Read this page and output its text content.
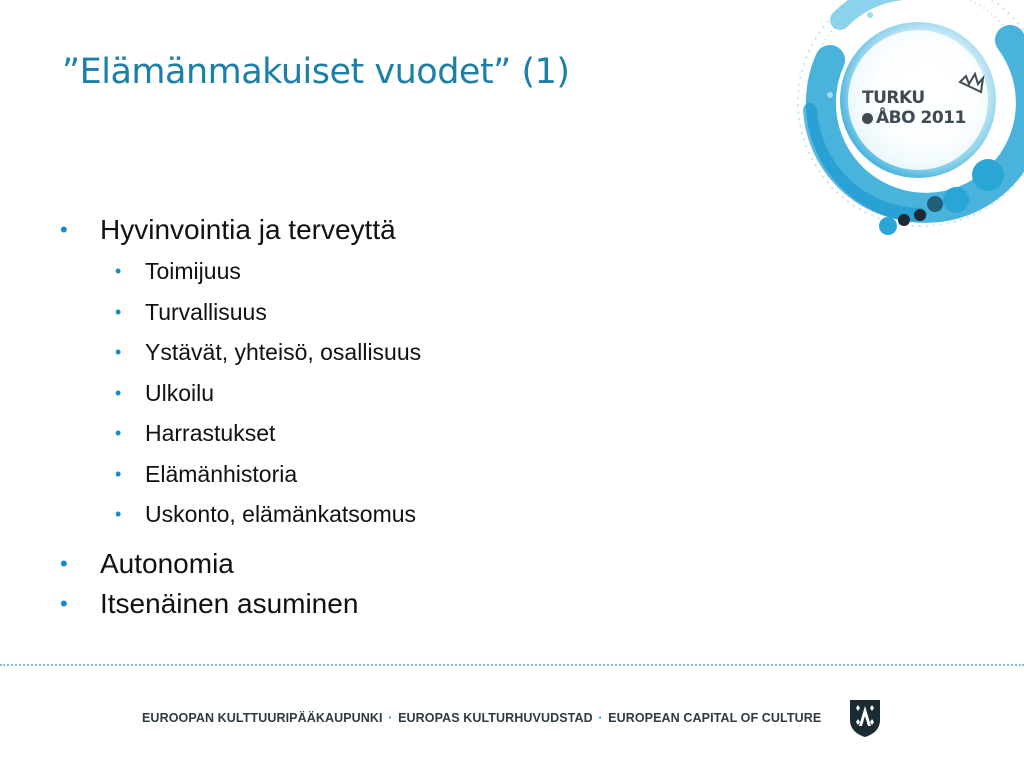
”Elämänmakuiset vuodet” (1)
TURKU
ÅBO 2011
• Hyvinvointia ja terveyttä
• Toimijuus
• Turvallisuus
• Ystävät, yhteisö, osallisuus
• Ulkoilu
• Harrastukset
• Elämänhistoria
• Uskonto, elämänkatsomus
• Autonomia
• Itsenäinen asuminen
EUROOPAN KULTTUURIPÄÄKAUPUNKI · EUROPAS KULTURHUVUDSTAD · EUROPEAN CAPITAL OF CULTURE
